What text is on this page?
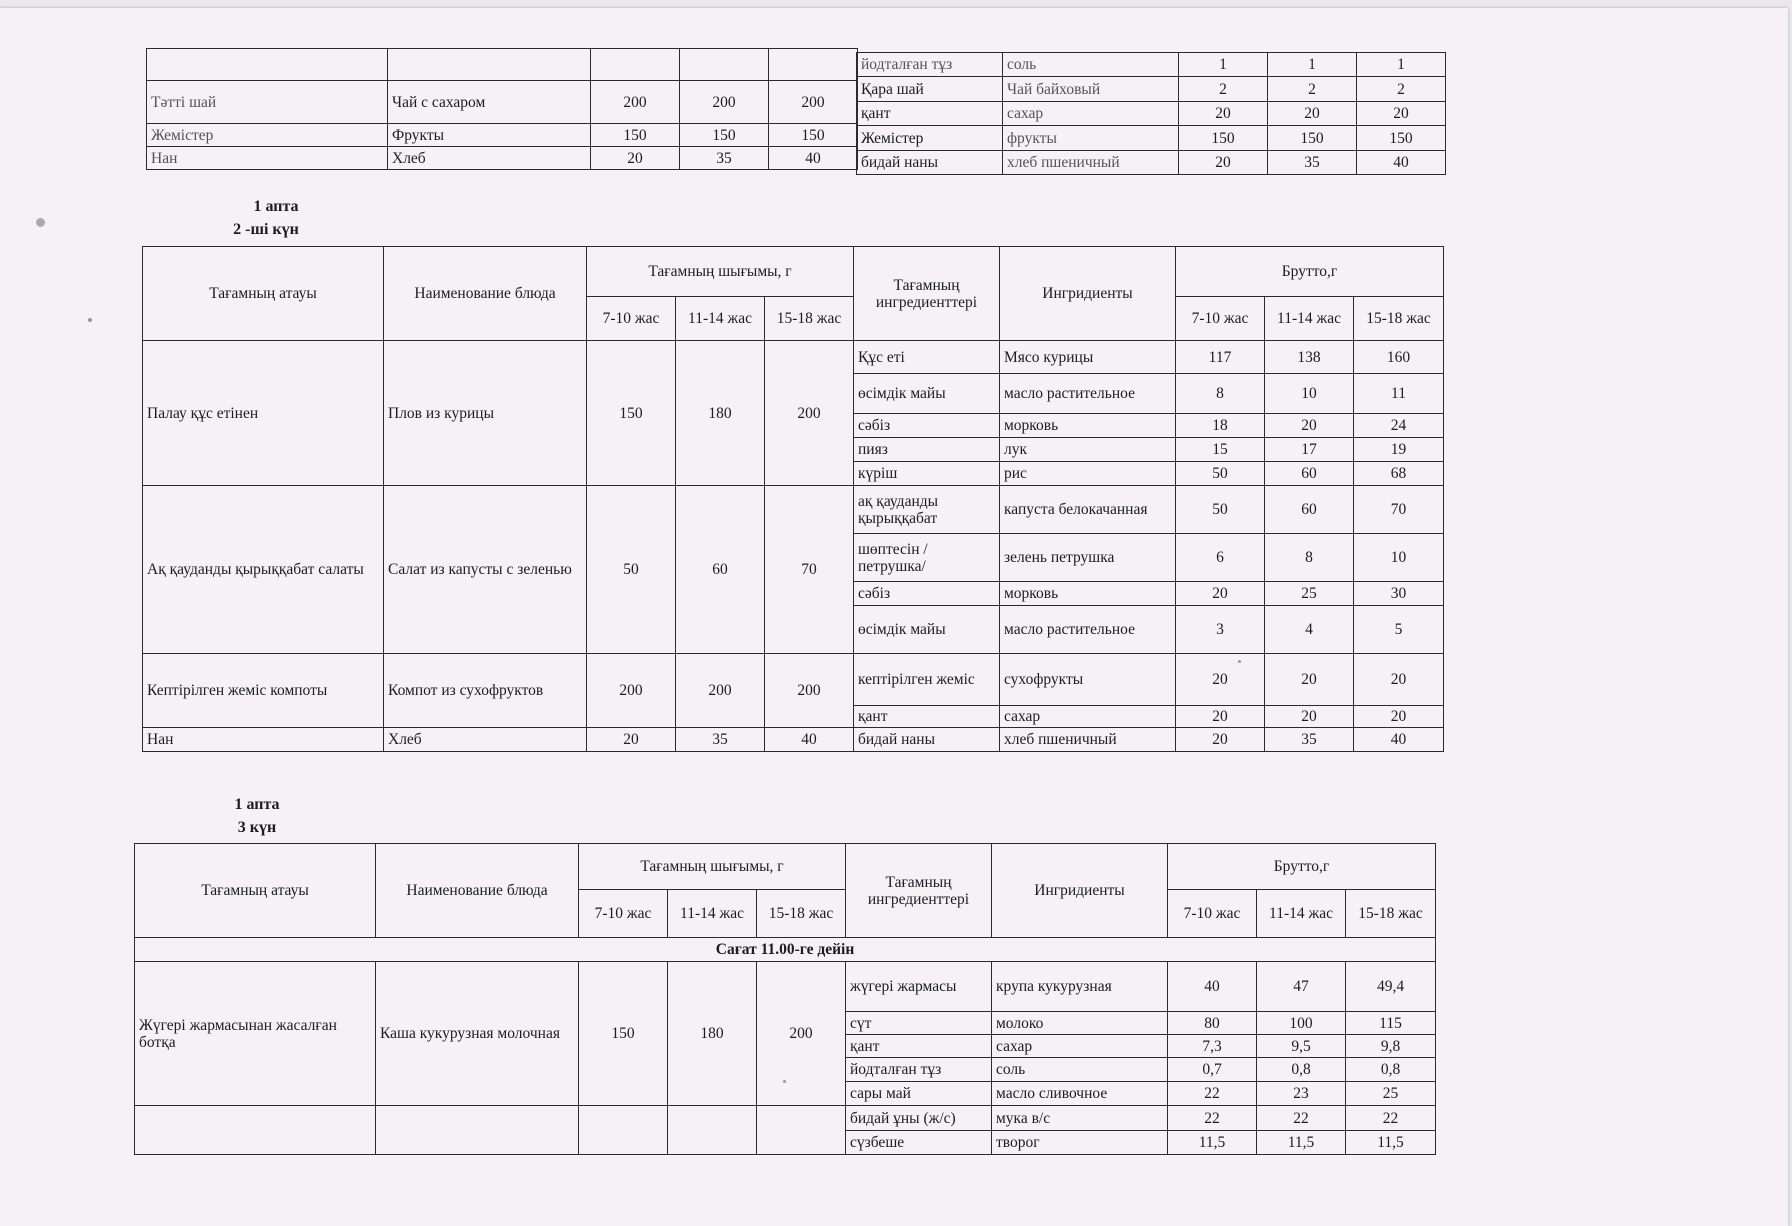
Тәтті шай	Чай с сахаром	200	200	200
Жемістер	Фрукты	150	150	150
Нан	Хлеб	20	35	40
йодталған тұз	соль	1	1	1
Қара шай	Чай байховый	2	2	2
қант	сахар	20	20	20
Жемістер	фрукты	150	150	150
бидай наны	хлеб пшеничный	20	35	40
1 апта
2 -ші күн
Тағамның атауы	Наименование блюда	Тағамның шығымы, г			Тағамның ингредиенттері	Ингридиенты	Брутто,г		
		7-10 жас	11-14 жас	15-18 жас			7-10 жас	11-14 жас	15-18 жас
Палау құс етінен	Плов из курицы	150	180	200	Құс еті	Мясо курицы	117	138	160
					өсімдік майы	масло растительное	8	10	11
					сәбіз	морковь	18	20	24
					пияз	лук	15	17	19
					күріш	рис	50	60	68
Ақ қауданды қырыққабат салаты	Салат из капусты с зеленью	50	60	70	ақ қауданды қырыққабат	капуста белокачанная	50	60	70
					шөптесін /петрушка/	зелень петрушка	6	8	10
					сәбіз	морковь	20	25	30
					өсімдік майы	масло растительное	3	4	5
Кептірілген жеміс компоты	Компот из сухофруктов	200	200	200	кептірілген жеміс	сухофрукты	20	20	20
					қант	сахар	20	20	20
Нан	Хлеб	20	35	40	бидай наны	хлеб пшеничный	20	35	40
1 апта
3 күн
Тағамның атауы	Наименование блюда	Тағамның шығымы, г			Тағамның ингредиенттері	Ингридиенты	Брутто,г		
		7-10 жас	11-14 жас	15-18 жас			7-10 жас	11-14 жас	15-18 жас
Сағат 11.00-ге дейін									
Жүгері жармасынан жасалған ботқа	Каша кукурузная молочная	150	180	200	жүгері жармасы	крупа кукурузная	40	47	49,4
					сүт	молоко	80	100	115
					қант	сахар	7,3	9,5	9,8
					йодталған тұз	соль	0,7	0,8	0,8
					сары май	масло сливочное	22	23	25
					бидай ұны (ж/с)	мука в/с	22	22	22
					сүзбеше	творог	11,5	11,5	11,5
